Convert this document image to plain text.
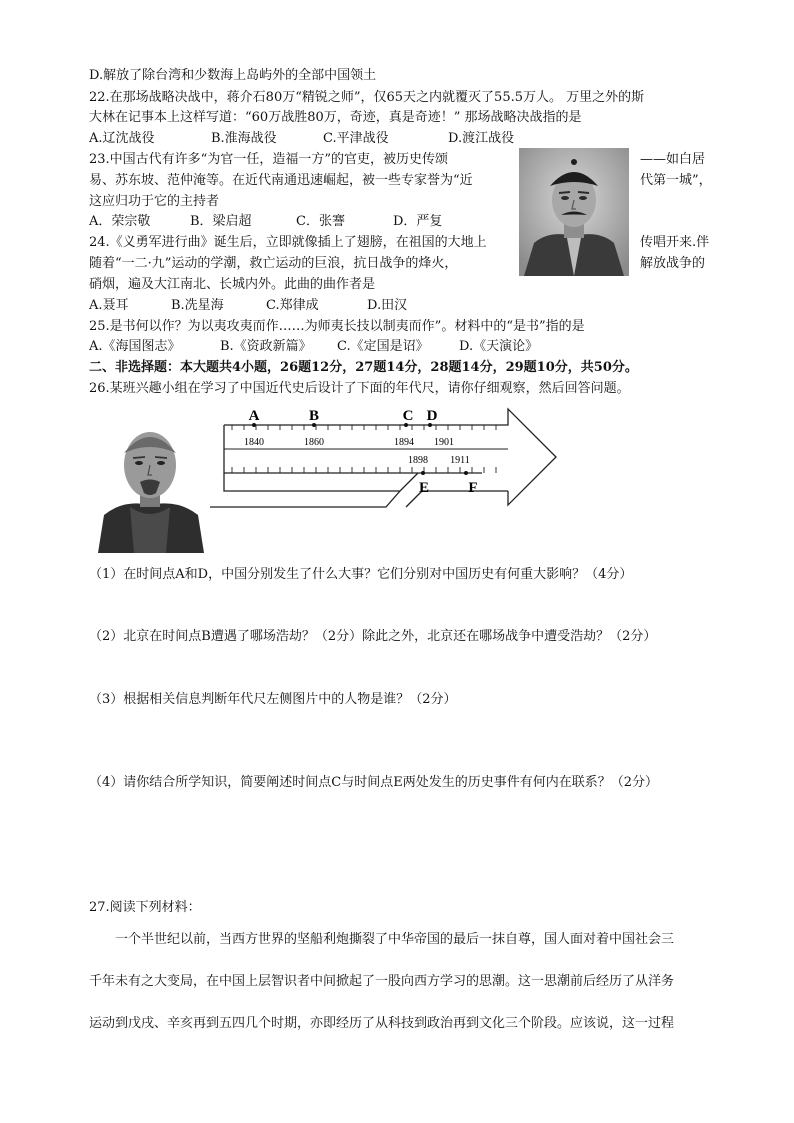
D.解放了除台湾和少数海上岛屿外的全部中国领土
22.在那场战略决战中，蒋介石80万“精锐之师”，仅65天之内就覆灭了55.5万人。 万里之外的斯
大林在记事本上这样写道：“60万战胜80万，奇迹，真是奇迹！” 那场战略决战指的是
A.辽沈战役	B.淮海战役	C.平津战役	D.渡江战役
23.中国古代有许多“为官一任，造福一方”的官吏，被历史传颂	——如白居
易、苏东坡、范仲淹等。在近代南通迅速崛起，被一些专家誉为“近	代第一城”，
这应归功于它的主持者
A．荣宗敬	B．梁启超	C．张謇	D．严复
24.《义勇军进行曲》诞生后，立即就像插上了翅膀，在祖国的大地上	传唱开来.伴
随着“一二·九”运动的学潮，救亡运动的巨浪，抗日战争的烽火，	解放战争的
硝烟，遍及大江南北、长城内外。此曲的曲作者是
A.聂耳	B.冼星海	C.郑律成	D.田汉
25.是书何以作？为以夷攻夷而作……为师夷长技以制夷而作”。材料中的“是书”指的是
A.《海国图志》	B.《资政新篇》 C.《定国是诏》 D.《天演论》
二、非选择题：本大题共4小题，26题12分，27题14分，28题14分，29题10分，共50分。
26.某班兴趣小组在学习了中国近代史后设计了下面的年代尺，请你仔细观察，然后回答问题。
A
1840
B
1860
C
1894
D
1901
1898
E
1911
F
（1）在时间点A和D，中国分别发生了什么大事？它们分别对中国历史有何重大影响？（4分）
（2）北京在时间点B遭遇了哪场浩劫？（2分）除此之外，北京还在哪场战争中遭受浩劫？（2分）
（3）根据相关信息判断年代尺左侧图片中的人物是谁？（2分）
（4）请你结合所学知识，简要阐述时间点C与时间点E两处发生的历史事件有何内在联系？（2分）
27.阅读下列材料：
一个半世纪以前，当西方世界的坚船利炮撕裂了中华帝国的最后一抹自尊，国人面对着中国社会三
千年未有之大变局，在中国上层智识者中间掀起了一股向西方学习的思潮。这一思潮前后经历了从洋务
运动到戊戌、辛亥再到五四几个时期，亦即经历了从科技到政治再到文化三个阶段。应该说，这一过程
